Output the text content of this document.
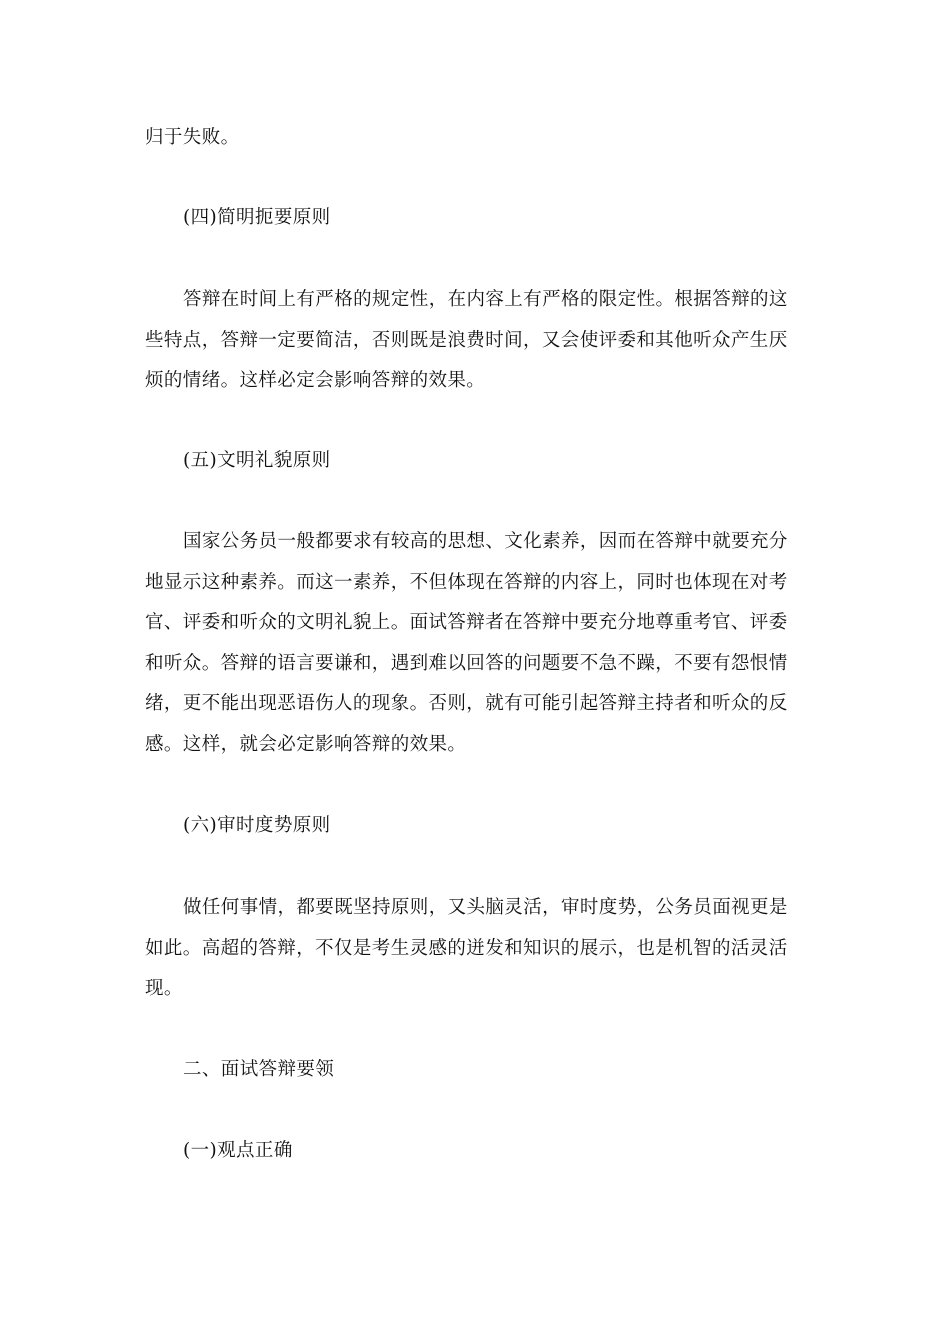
归于失败。

(四)简明扼要原则

答辩在时间上有严格的规定性，在内容上有严格的限定性。根据答辩的这些特点，答辩一定要简洁，否则既是浪费时间，又会使评委和其他听众产生厌烦的情绪。这样必定会影响答辩的效果。

(五)文明礼貌原则

国家公务员一般都要求有较高的思想、文化素养，因而在答辩中就要充分地显示这种素养。而这一素养，不但体现在答辩的内容上，同时也体现在对考官、评委和听众的文明礼貌上。面试答辩者在答辩中要充分地尊重考官、评委和听众。答辩的语言要谦和，遇到难以回答的问题要不急不躁，不要有怨恨情绪，更不能出现恶语伤人的现象。否则，就有可能引起答辩主持者和听众的反感。这样，就会必定影响答辩的效果。

(六)审时度势原则

做任何事情，都要既坚持原则，又头脑灵活，审时度势，公务员面视更是如此。高超的答辩，不仅是考生灵感的迸发和知识的展示，也是机智的活灵活现。

二、面试答辩要领

(一)观点正确
